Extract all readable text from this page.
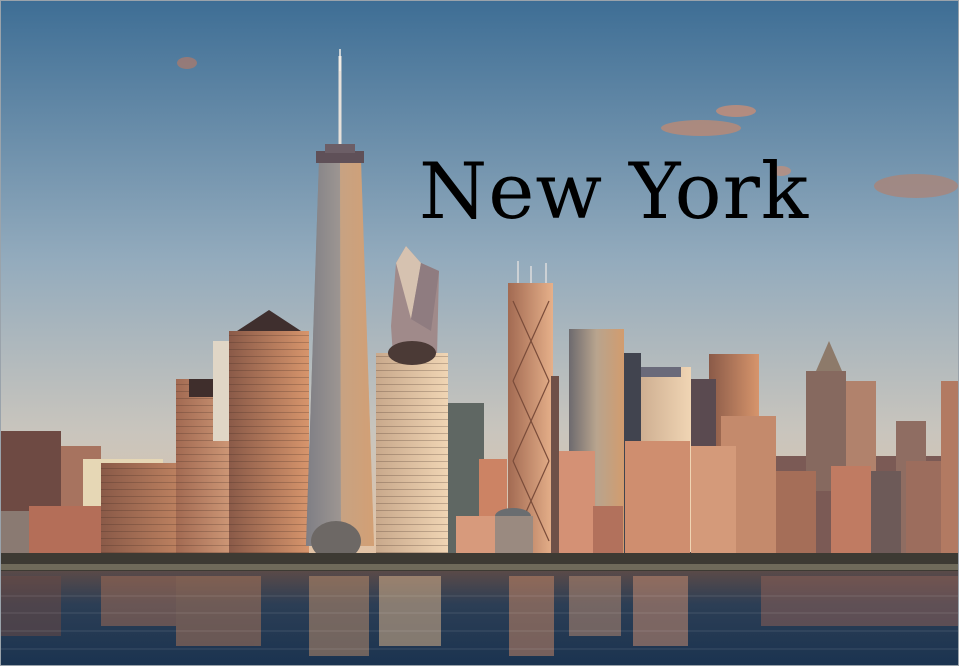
New York
